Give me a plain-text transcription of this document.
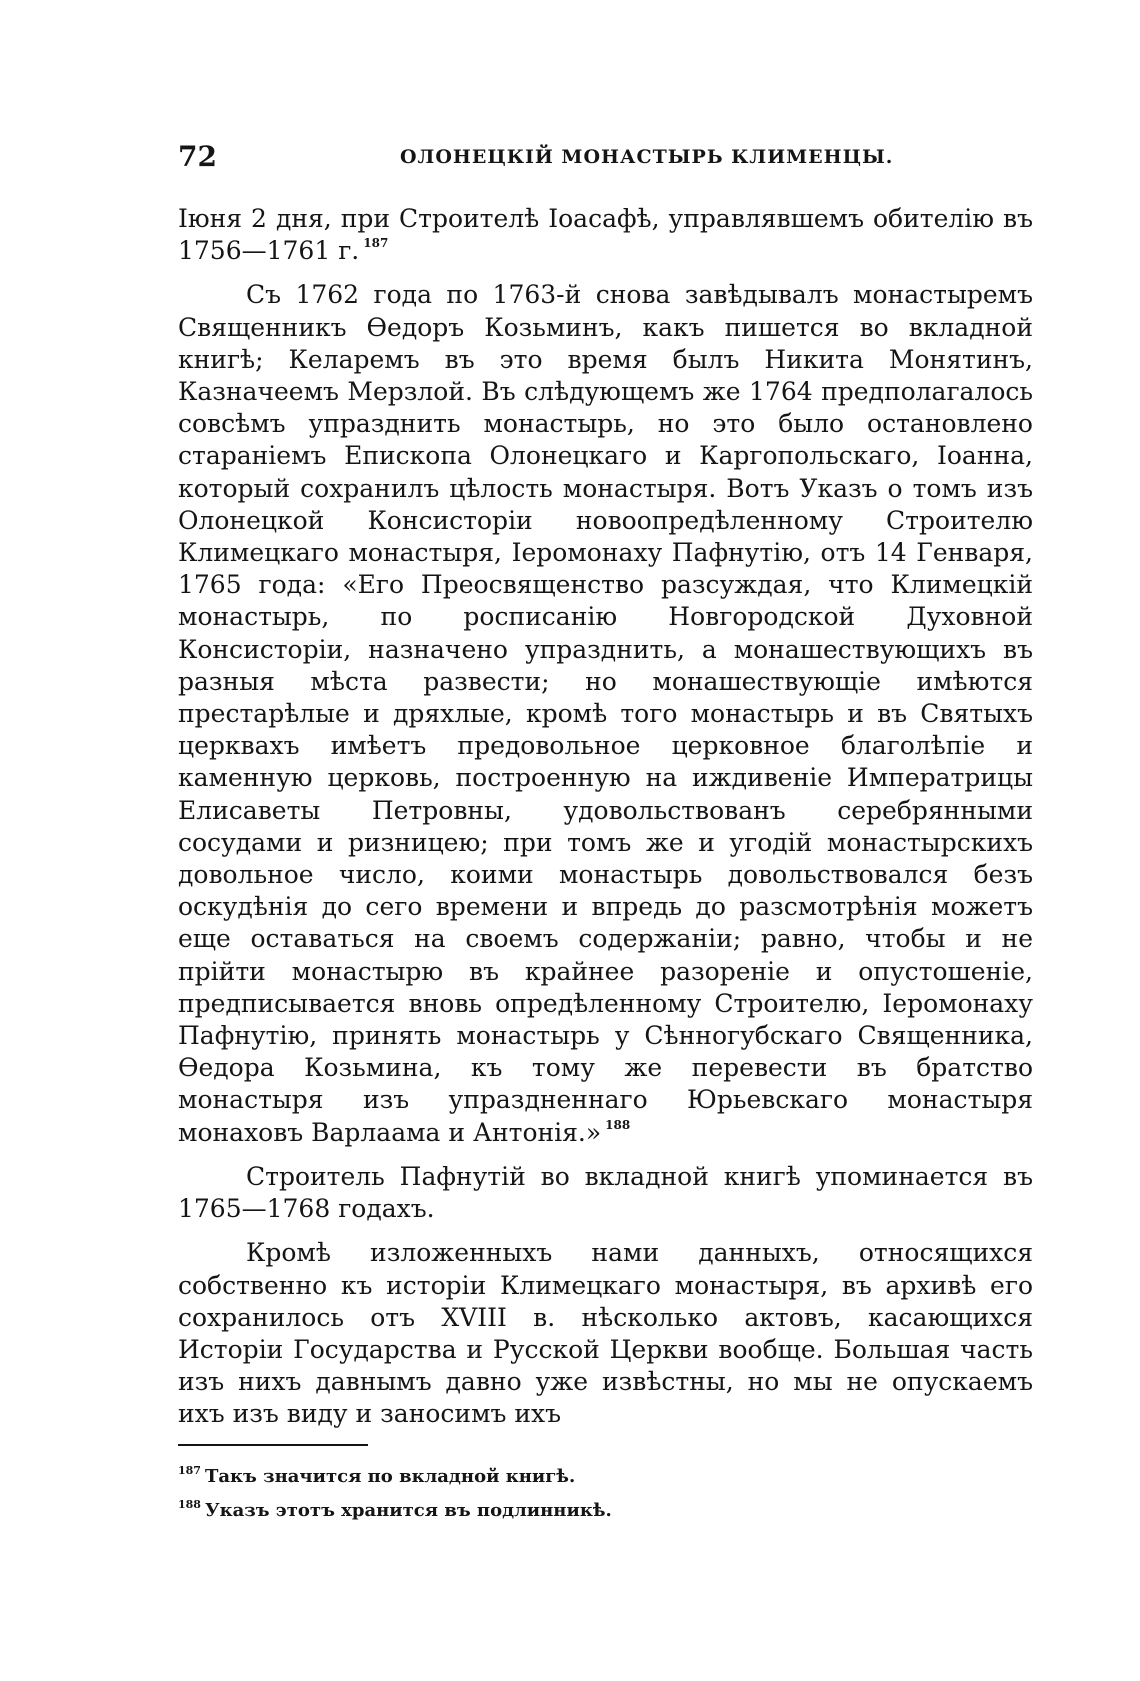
72	ОЛОНЕЦКІЙ МОНАСТЫРЬ КЛИМЕНЦЫ.

Іюня 2 дня, при Строителѣ Іоасафѣ, управлявшемъ обителію въ 1756—1761 г. $^{187}$

Съ 1762 года по 1763-й снова завѣдывалъ монастыремъ Священникъ Ѳедоръ Козьминъ, какъ пишется во вкладной книгѣ; Келаремъ въ это время былъ Никита Монятинъ, Казначеемъ Мерзлой. Въ слѣдующемъ же 1764 предполагалось совсѣмъ упразднить монастырь, но это было остановлено стараніемъ Епископа Олонецкаго и Каргопольскаго, Іоанна, который сохранилъ цѣлость монастыря. Вотъ Указъ о томъ изъ Олонецкой Консисторіи новоопредѣленному Строителю Климецкаго монастыря, Іеромонаху Пафнутію, отъ 14 Генваря, 1765 года: «Его Преосвященство разсуждая, что Климецкій монастырь, по росписанію Новгородской Духовной Консисторіи, назначено упразднить, а монашествующихъ въ разныя мѣста развести; но монашествующіе имѣются престарѣлые и дряхлые, кромѣ того монастырь и въ Святыхъ церквахъ имѣетъ предовольное церковное благолѣпіе и каменную церковь, построенную на иждивеніе Императрицы Елисаветы Петровны, удовольствованъ серебрянными сосудами и ризницею; при томъ же и угодій монастырскихъ довольное число, коими монастырь довольствовался безъ оскудѣнія до сего времени и впредь до разсмотрѣнія можетъ еще оставаться на своемъ содержаніи; равно, чтобы и не прійти монастырю въ крайнее разореніе и опустошеніе, предписывается вновь опредѣленному Строителю, Іеромонаху Пафнутію, принять монастырь у Сѣнногубскаго Священника, Ѳедора Козьмина, къ тому же перевести въ братство монастыря изъ упраздненнаго Юрьевскаго монастыря монаховъ Варлаама и Антонія.» $^{188}$

Строитель Пафнутій во вкладной книгѣ упоминается въ 1765—1768 годахъ.

Кромѣ изложенныхъ нами данныхъ, относящихся собственно къ исторіи Климецкаго монастыря, въ архивѣ его сохранилось отъ XVIII в. нѣсколько актовъ, касающихся Исторіи Государства и Русской Церкви вообще. Большая часть изъ нихъ давнымъ давно уже извѣстны, но мы не опускаемъ ихъ изъ виду и заносимъ ихъ

$^{187}$ Такъ значится по вкладной книгѣ.
$^{188}$ Указъ этотъ хранится въ подлинникѣ.
